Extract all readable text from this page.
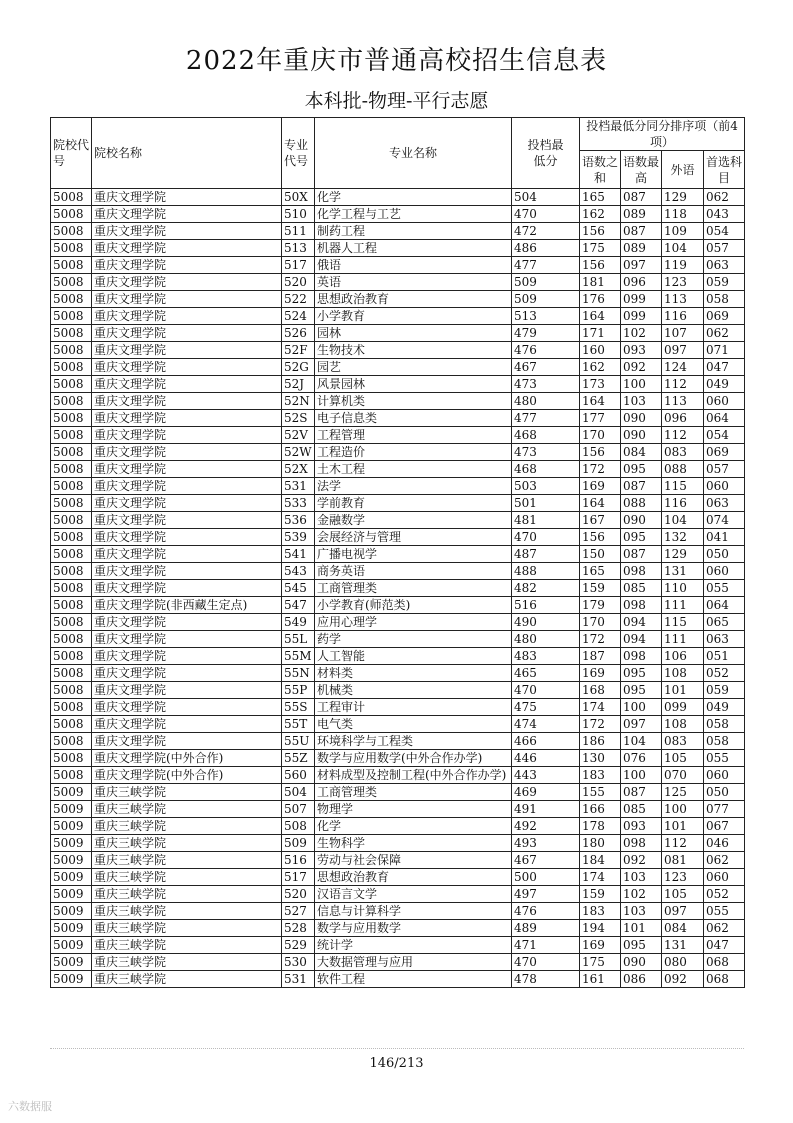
2022年重庆市普通高校招生信息表
本科批-物理-平行志愿
院校代号	院校名称	专业代号	专业名称	投档最低分	投档最低分同分排序项（前4项）			
					语数之和	语数最高	外语	首选科目
5008	重庆文理学院	50X	化学	504	165	087	129	062
5008	重庆文理学院	510	化学工程与工艺	470	162	089	118	043
5008	重庆文理学院	511	制药工程	472	156	087	109	054
5008	重庆文理学院	513	机器人工程	486	175	089	104	057
5008	重庆文理学院	517	俄语	477	156	097	119	063
5008	重庆文理学院	520	英语	509	181	096	123	059
5008	重庆文理学院	522	思想政治教育	509	176	099	113	058
5008	重庆文理学院	524	小学教育	513	164	099	116	069
5008	重庆文理学院	526	园林	479	171	102	107	062
5008	重庆文理学院	52F	生物技术	476	160	093	097	071
5008	重庆文理学院	52G	园艺	467	162	092	124	047
5008	重庆文理学院	52J	风景园林	473	173	100	112	049
5008	重庆文理学院	52N	计算机类	480	164	103	113	060
5008	重庆文理学院	52S	电子信息类	477	177	090	096	064
5008	重庆文理学院	52V	工程管理	468	170	090	112	054
5008	重庆文理学院	52W	工程造价	473	156	084	083	069
5008	重庆文理学院	52X	土木工程	468	172	095	088	057
5008	重庆文理学院	531	法学	503	169	087	115	060
5008	重庆文理学院	533	学前教育	501	164	088	116	063
5008	重庆文理学院	536	金融数学	481	167	090	104	074
5008	重庆文理学院	539	会展经济与管理	470	156	095	132	041
5008	重庆文理学院	541	广播电视学	487	150	087	129	050
5008	重庆文理学院	543	商务英语	488	165	098	131	060
5008	重庆文理学院	545	工商管理类	482	159	085	110	055
5008	重庆文理学院(非西藏生定点)	547	小学教育(师范类)	516	179	098	111	064
5008	重庆文理学院	549	应用心理学	490	170	094	115	065
5008	重庆文理学院	55L	药学	480	172	094	111	063
5008	重庆文理学院	55M	人工智能	483	187	098	106	051
5008	重庆文理学院	55N	材料类	465	169	095	108	052
5008	重庆文理学院	55P	机械类	470	168	095	101	059
5008	重庆文理学院	55S	工程审计	475	174	100	099	049
5008	重庆文理学院	55T	电气类	474	172	097	108	058
5008	重庆文理学院	55U	环境科学与工程类	466	186	104	083	058
5008	重庆文理学院(中外合作)	55Z	数学与应用数学(中外合作办学)	446	130	076	105	055
5008	重庆文理学院(中外合作)	560	材料成型及控制工程(中外合作办学)	443	183	100	070	060
5009	重庆三峡学院	504	工商管理类	469	155	087	125	050
5009	重庆三峡学院	507	物理学	491	166	085	100	077
5009	重庆三峡学院	508	化学	492	178	093	101	067
5009	重庆三峡学院	509	生物科学	493	180	098	112	046
5009	重庆三峡学院	516	劳动与社会保障	467	184	092	081	062
5009	重庆三峡学院	517	思想政治教育	500	174	103	123	060
5009	重庆三峡学院	520	汉语言文学	497	159	102	105	052
5009	重庆三峡学院	527	信息与计算科学	476	183	103	097	055
5009	重庆三峡学院	528	数学与应用数学	489	194	101	084	062
5009	重庆三峡学院	529	统计学	471	169	095	131	047
5009	重庆三峡学院	530	大数据管理与应用	470	175	090	080	068
5009	重庆三峡学院	531	软件工程	478	161	086	092	068
146/213
六数据服
